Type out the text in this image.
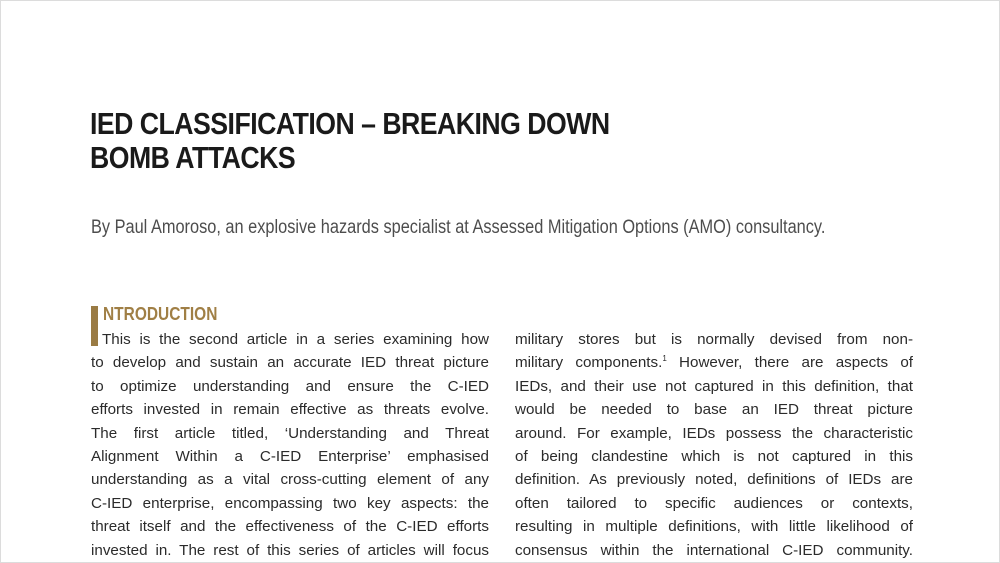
IED CLASSIFICATION – BREAKING DOWN
BOMB ATTACKS

By Paul Amoroso, an explosive hazards specialist at Assessed Mitigation Options (AMO) consultancy.

NTRODUCTION
This is the second article in a series examining how
to develop and sustain an accurate IED threat picture
to optimize understanding and ensure the C-IED
efforts invested in remain effective as threats evolve.
The first article titled, ‘Understanding and Threat
Alignment Within a C-IED Enterprise’ emphasised
understanding as a vital cross-cutting element of any
C-IED enterprise, encompassing two key aspects: the
threat itself and the effectiveness of the C-IED efforts
invested in. The rest of this series of articles will focus
military stores but is normally devised from non-
military components.$^1$ However, there are aspects of
IEDs, and their use not captured in this definition, that
would be needed to base an IED threat picture
around. For example, IEDs possess the characteristic
of being clandestine which is not captured in this
definition. As previously noted, definitions of IEDs are
often tailored to specific audiences or contexts,
resulting in multiple definitions, with little likelihood of
consensus within the international C-IED community.
